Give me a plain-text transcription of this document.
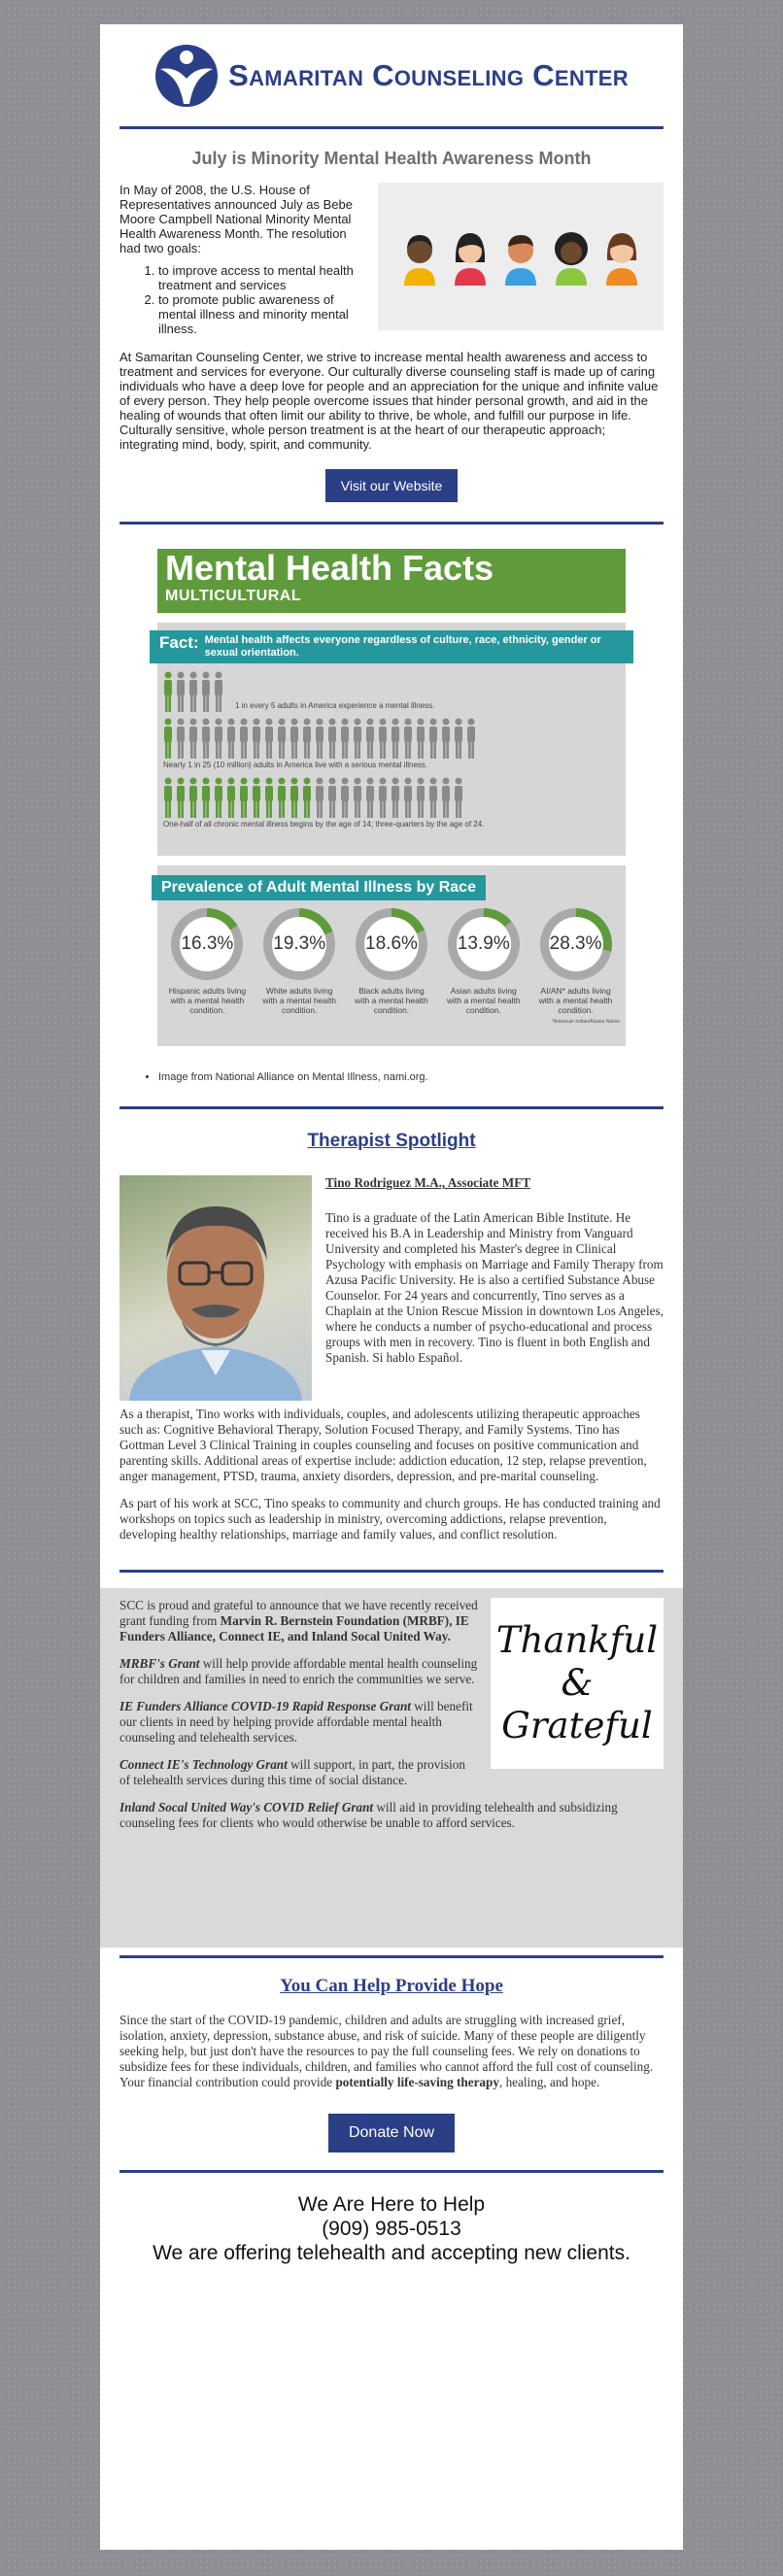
Samaritan Counseling Center
July is Minority Mental Health Awareness Month

In May of 2008, the U.S. House of Representatives announced July as Bebe Moore Campbell National Minority Mental Health Awareness Month. The resolution had two goals:

1. to improve access to mental health treatment and services
2. to promote public awareness of mental illness and minority mental illness.

At Samaritan Counseling Center, we strive to increase mental health awareness and access to treatment and services for everyone. Our culturally diverse counseling staff is made up of caring individuals who have a deep love for people and an appreciation for the unique and infinite value of every person. They help people overcome issues that hinder personal growth, and aid in the healing of wounds that often limit our ability to thrive, be whole, and fulfill our purpose in life. Culturally sensitive, whole person treatment is at the heart of our therapeutic approach; integrating mind, body, spirit, and community.

Visit our Website
Mental Health Facts
MULTICULTURAL
Fact: Mental health affects everyone regardless of culture, race, ethnicity, gender or sexual orientation.
1 in every 5 adults in America experience a mental illness.
Nearly 1 in 25 (10 million) adults in America live with a serious mental illness.
One-half of all chronic mental illness begins by the age of 14; three-quarters by the age of 24.
Prevalence of Adult Mental Illness by Race
16.3%
Hispanic adults living with a mental health condition.
19.3%
White adults living with a mental health condition.
18.6%
Black adults living with a mental health condition.
13.9%
Asian adults living with a mental health condition.
28.3%
AI/AN* adults living with a mental health condition.
*American Indian/Alaska Native
• Image from National Alliance on Mental Illness, nami.org.
Therapist Spotlight

Tino Rodriguez M.A., Associate MFT

Tino is a graduate of the Latin American Bible Institute. He received his B.A in Leadership and Ministry from Vanguard University and completed his Master's degree in Clinical Psychology with emphasis on Marriage and Family Therapy from Azusa Pacific University. He is also a certified Substance Abuse Counselor. For 24 years and concurrently, Tino serves as a Chaplain at the Union Rescue Mission in downtown Los Angeles, where he conducts a number of psycho-educational and process groups with men in recovery. Tino is fluent in both English and Spanish. Si hablo Español.

As a therapist, Tino works with individuals, couples, and adolescents utilizing therapeutic approaches such as: Cognitive Behavioral Therapy, Solution Focused Therapy, and Family Systems. Tino has Gottman Level 3 Clinical Training in couples counseling and focuses on positive communication and parenting skills. Additional areas of expertise include: addiction education, 12 step, relapse prevention, anger management, PTSD, trauma, anxiety disorders, depression, and pre-marital counseling.

As part of his work at SCC, Tino speaks to community and church groups. He has conducted training and workshops on topics such as leadership in ministry, overcoming addictions, relapse prevention, developing healthy relationships, marriage and family values, and conflict resolution.

Thankful
&
Grateful

SCC is proud and grateful to announce that we have recently received grant funding from Marvin R. Bernstein Foundation (MRBF), IE Funders Alliance, Connect IE, and Inland Socal United Way.

MRBF's Grant will help provide affordable mental health counseling for children and families in need to enrich the communities we serve.

IE Funders Alliance COVID-19 Rapid Response Grant will benefit our clients in need by helping provide affordable mental health counseling and telehealth services.

Connect IE's Technology Grant will support, in part, the provision of telehealth services during this time of social distance.

Inland Socal United Way's COVID Relief Grant will aid in providing telehealth and subsidizing counseling fees for clients who would otherwise be unable to afford services.

You Can Help Provide Hope

Since the start of the COVID-19 pandemic, children and adults are struggling with increased grief, isolation, anxiety, depression, substance abuse, and risk of suicide. Many of these people are diligently seeking help, but just don't have the resources to pay the full counseling fees. We rely on donations to subsidize fees for these individuals, children, and families who cannot afford the full cost of counseling. Your financial contribution could provide potentially life-saving therapy, healing, and hope.

Donate Now
We Are Here to Help
(909) 985-0513
We are offering telehealth and accepting new clients.
